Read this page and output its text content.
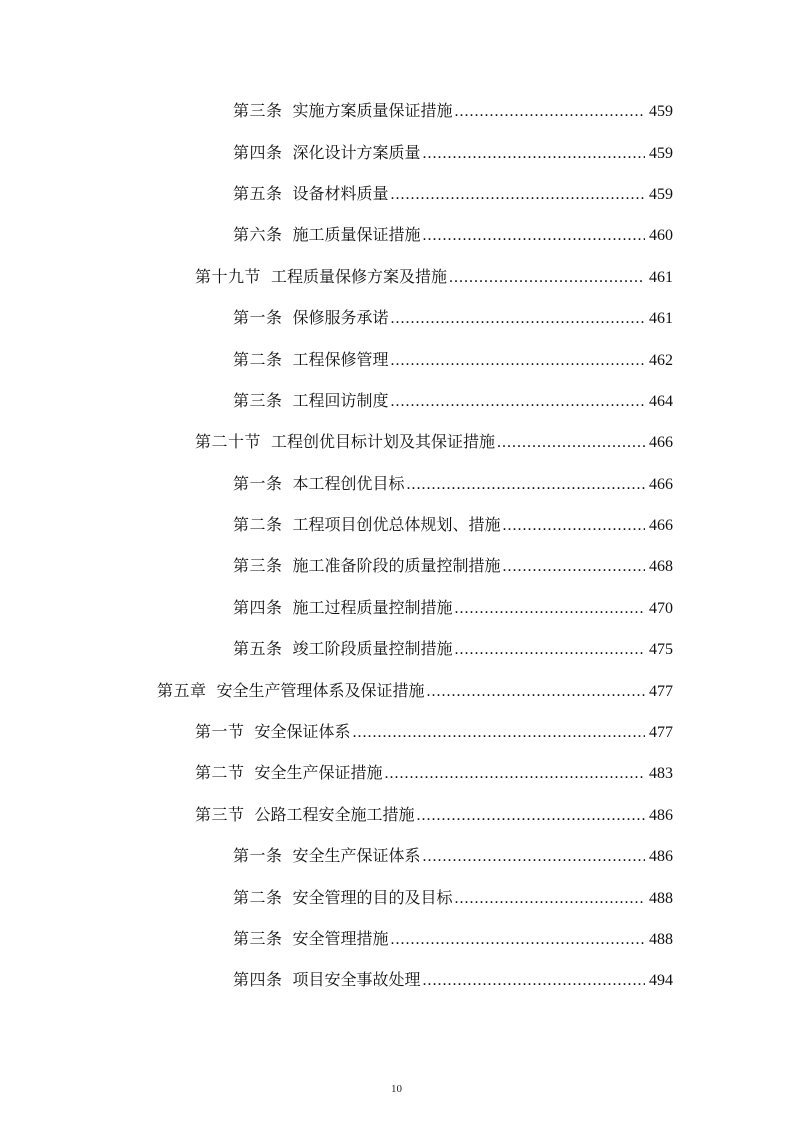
第三条 实施方案质量保证措施 .....	459
第四条 深化设计方案质量 .....	459
第五条 设备材料质量 .....	459
第六条 施工质量保证措施 .....	460
第十九节 工程质量保修方案及措施 .....	461
第一条 保修服务承诺 .....	461
第二条 工程保修管理 .....	462
第三条 工程回访制度 .....	464
第二十节 工程创优目标计划及其保证措施 .....	466
第一条 本工程创优目标 .....	466
第二条 工程项目创优总体规划、措施 .....	466
第三条 施工准备阶段的质量控制措施 .....	468
第四条 施工过程质量控制措施 .....	470
第五条 竣工阶段质量控制措施 .....	475
第五章 安全生产管理体系及保证措施 .....	477
第一节 安全保证体系 .....	477
第二节 安全生产保证措施 .....	483
第三节 公路工程安全施工措施 .....	486
第一条 安全生产保证体系 .....	486
第二条 安全管理的目的及目标 .....	488
第三条 安全管理措施 .....	488
第四条 项目安全事故处理 .....	494
10
